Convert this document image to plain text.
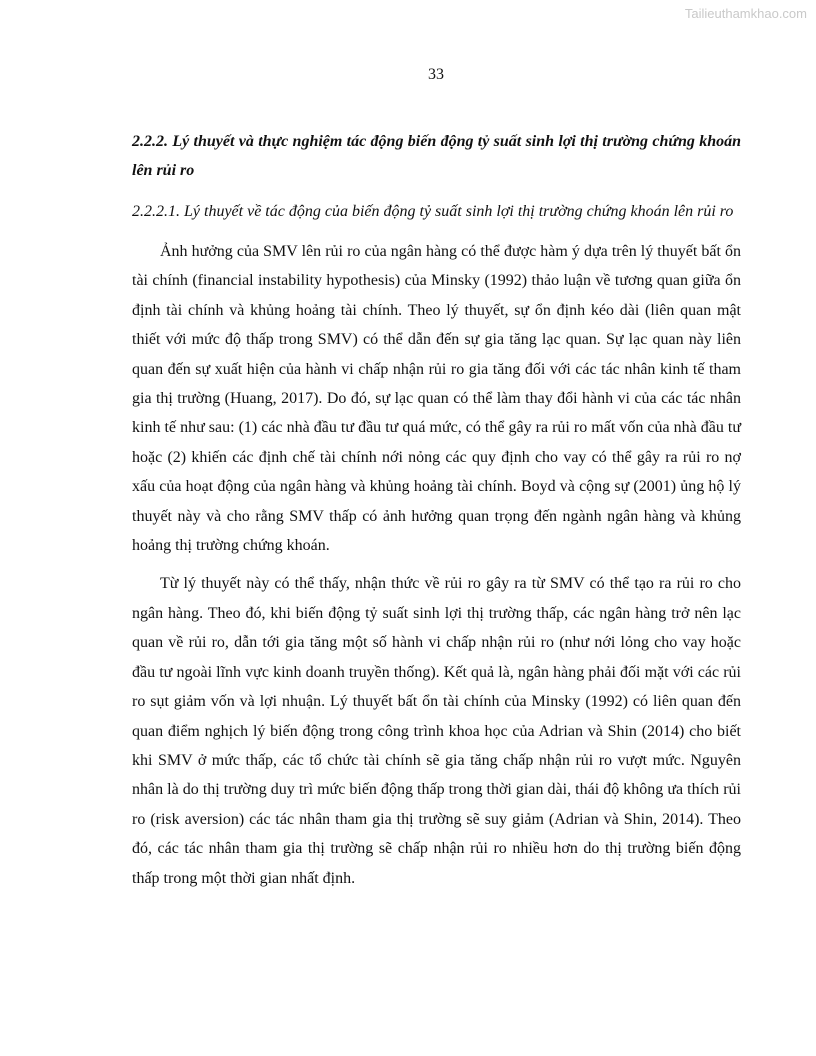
Tailieuthamkhao.com
33

2.2.2. Lý thuyết và thực nghiệm tác động biến động tỷ suất sinh lợi thị trường chứng khoán lên rủi ro

2.2.2.1. Lý thuyết về tác động của biến động tỷ suất sinh lợi thị trường chứng khoán lên rủi ro

Ảnh hưởng của SMV lên rủi ro của ngân hàng có thể được hàm ý dựa trên lý thuyết bất ổn tài chính (financial instability hypothesis) của Minsky (1992) thảo luận về tương quan giữa ổn định tài chính và khủng hoảng tài chính. Theo lý thuyết, sự ổn định kéo dài (liên quan mật thiết với mức độ thấp trong SMV) có thể dẫn đến sự gia tăng lạc quan. Sự lạc quan này liên quan đến sự xuất hiện của hành vi chấp nhận rủi ro gia tăng đối với các tác nhân kinh tế tham gia thị trường (Huang, 2017). Do đó, sự lạc quan có thể làm thay đổi hành vi của các tác nhân kinh tế như sau: (1) các nhà đầu tư đầu tư quá mức, có thể gây ra rủi ro mất vốn của nhà đầu tư hoặc (2) khiến các định chế tài chính nới nỏng các quy định cho vay có thể gây ra rủi ro nợ xấu của hoạt động của ngân hàng và khủng hoảng tài chính. Boyd và cộng sự (2001) ủng hộ lý thuyết này và cho rằng SMV thấp có ảnh hưởng quan trọng đến ngành ngân hàng và khủng hoảng thị trường chứng khoán.

Từ lý thuyết này có thể thấy, nhận thức về rủi ro gây ra từ SMV có thể tạo ra rủi ro cho ngân hàng. Theo đó, khi biến động tỷ suất sinh lợi thị trường thấp, các ngân hàng trở nên lạc quan về rủi ro, dẫn tới gia tăng một số hành vi chấp nhận rủi ro (như nới lỏng cho vay hoặc đầu tư ngoài lĩnh vực kinh doanh truyền thống). Kết quả là, ngân hàng phải đối mặt với các rủi ro sụt giảm vốn và lợi nhuận. Lý thuyết bất ổn tài chính của Minsky (1992) có liên quan đến quan điểm nghịch lý biến động trong công trình khoa học của Adrian và Shin (2014) cho biết khi SMV ở mức thấp, các tổ chức tài chính sẽ gia tăng chấp nhận rủi ro vượt mức. Nguyên nhân là do thị trường duy trì mức biến động thấp trong thời gian dài, thái độ không ưa thích rủi ro (risk aversion) các tác nhân tham gia thị trường sẽ suy giảm (Adrian và Shin, 2014). Theo đó, các tác nhân tham gia thị trường sẽ chấp nhận rủi ro nhiều hơn do thị trường biến động thấp trong một thời gian nhất định.
